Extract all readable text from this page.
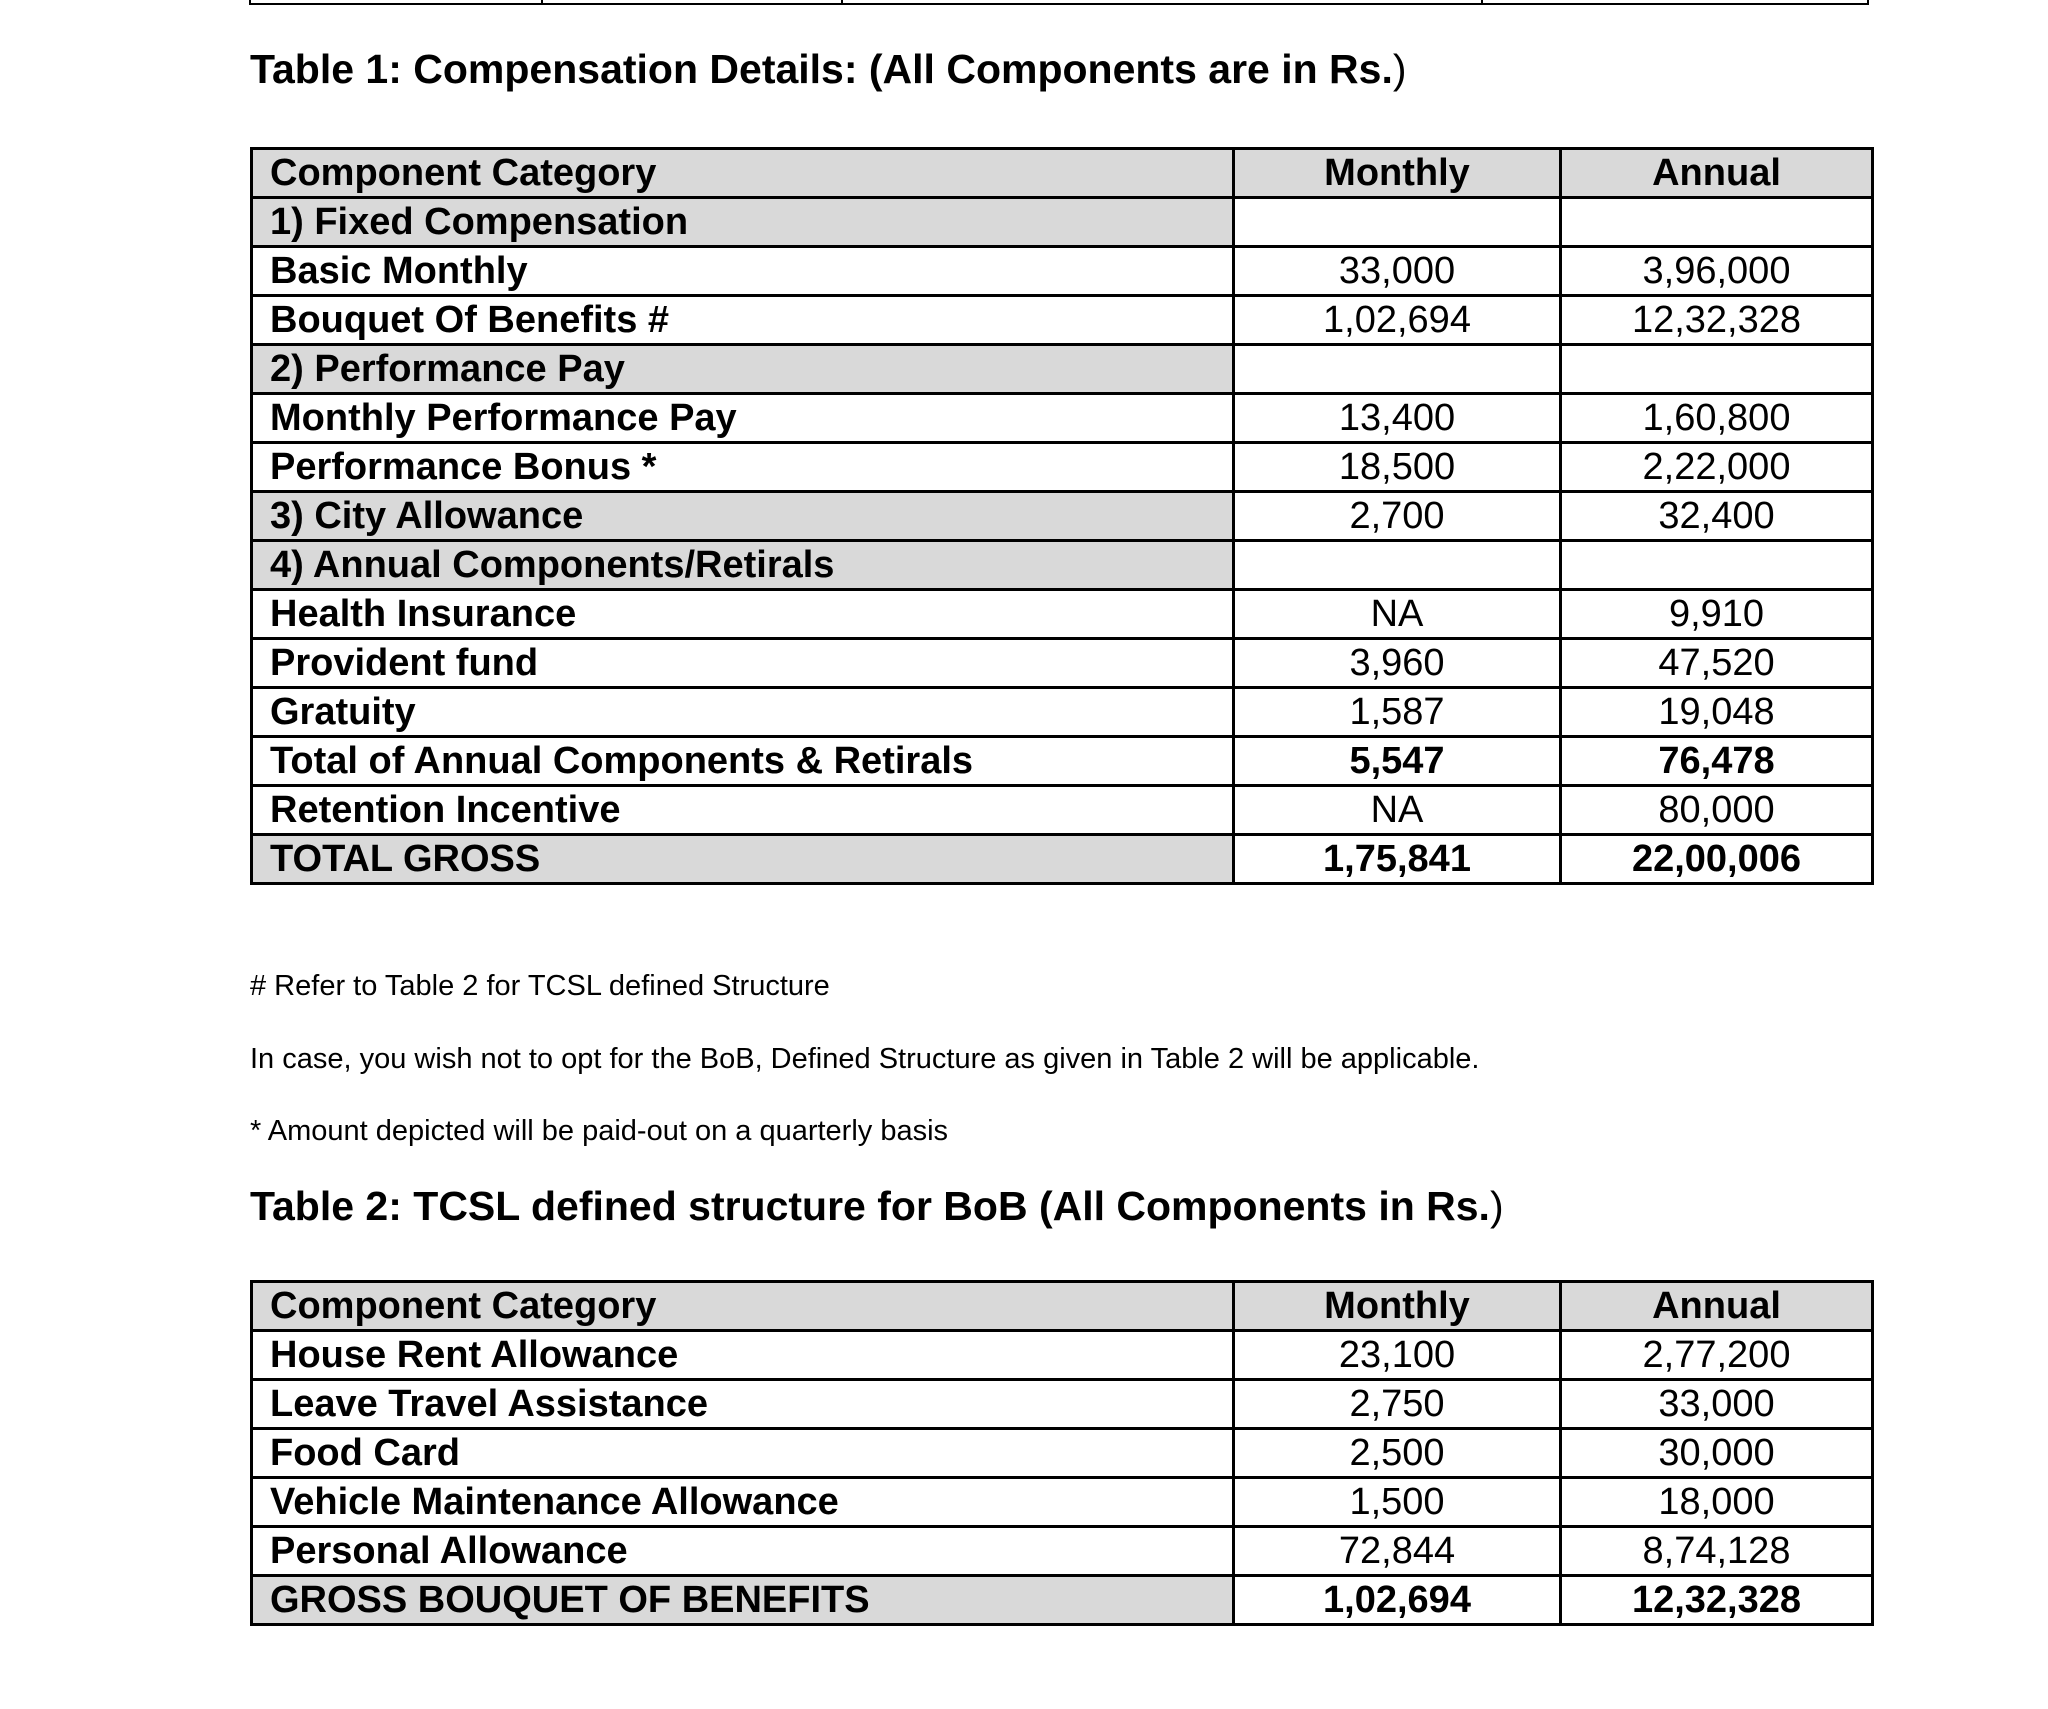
Table 1: Compensation Details: (All Components are in Rs.)
Component Category	Monthly	Annual
1) Fixed Compensation		
Basic Monthly	33,000	3,96,000
Bouquet Of Benefits #	1,02,694	12,32,328
2) Performance Pay		
Monthly Performance Pay	13,400	1,60,800
Performance Bonus *	18,500	2,22,000
3) City Allowance	2,700	32,400
4) Annual Components/Retirals		
Health Insurance	NA	9,910
Provident fund	3,960	47,520
Gratuity	1,587	19,048
Total of Annual Components & Retirals	5,547	76,478
Retention Incentive	NA	80,000
TOTAL GROSS	1,75,841	22,00,006
# Refer to Table 2 for TCSL defined Structure
In case, you wish not to opt for the BoB, Defined Structure as given in Table 2 will be applicable.
* Amount depicted will be paid-out on a quarterly basis
Table 2: TCSL defined structure for BoB (All Components in Rs.)
Component Category	Monthly	Annual
House Rent Allowance	23,100	2,77,200
Leave Travel Assistance	2,750	33,000
Food Card	2,500	30,000
Vehicle Maintenance Allowance	1,500	18,000
Personal Allowance	72,844	8,74,128
GROSS BOUQUET OF BENEFITS	1,02,694	12,32,328
